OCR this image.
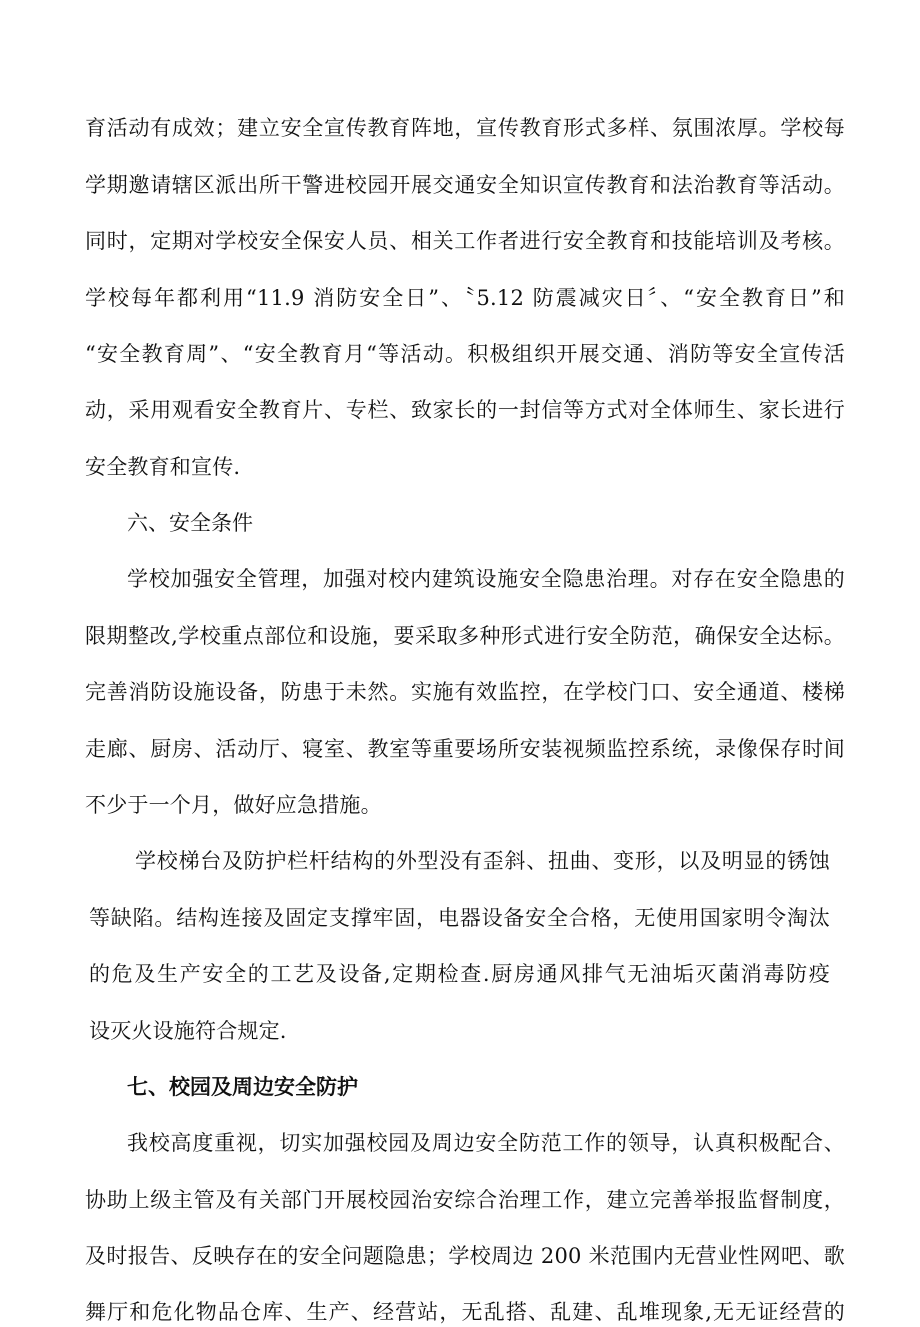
育活动有成效；建立安全宣传教育阵地，宣传教育形式多样、氛围浓厚。学校每
学期邀请辖区派出所干警进校园开展交通安全知识宣传教育和法治教育等活动。
同时，定期对学校安全保安人员、相关工作者进行安全教育和技能培训及考核。
学校每年都利用“11.9 消防安全日”、〝5.12 防震减灾日〞、“安全教育日”和
“安全教育周”、“安全教育月“等活动。积极组织开展交通、消防等安全宣传活
动，采用观看安全教育片、专栏、致家长的一封信等方式对全体师生、家长进行
安全教育和宣传.
六、安全条件
学校加强安全管理，加强对校内建筑设施安全隐患治理。对存在安全隐患的
限期整改,学校重点部位和设施，要采取多种形式进行安全防范，确保安全达标。
完善消防设施设备，防患于未然。实施有效监控，在学校门口、安全通道、楼梯
走廊、厨房、活动厅、寝室、教室等重要场所安装视频监控系统，录像保存时间
不少于一个月，做好应急措施。
学校梯台及防护栏杆结构的外型没有歪斜、扭曲、变形，以及明显的锈蚀
等缺陷。结构连接及固定支撑牢固，电器设备安全合格，无使用国家明令淘汰
的危及生产安全的工艺及设备,定期检查.厨房通风排气无油垢灭菌消毒防疫
设灭火设施符合规定.
七、校园及周边安全防护
我校高度重视，切实加强校园及周边安全防范工作的领导，认真积极配合、
协助上级主管及有关部门开展校园治安综合治理工作，建立完善举报监督制度，
及时报告、反映存在的安全问题隐患；学校周边 200 米范围内无营业性网吧、歌
舞厅和危化物品仓库、生产、经营站，无乱搭、乱建、乱堆现象,无无证经营的
